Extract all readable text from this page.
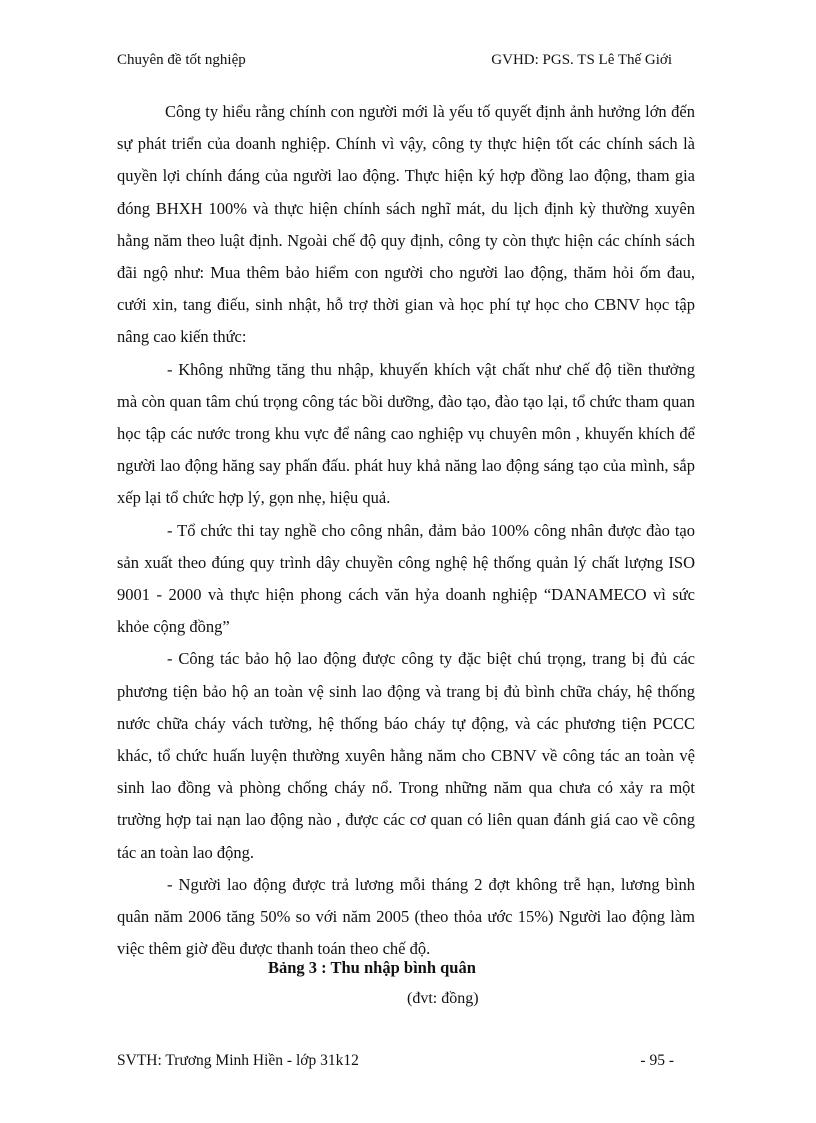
Chuyên đề tốt nghiệp	GVHD: PGS. TS Lê Thế Giới

Công ty hiểu rằng chính con người mới là yếu tố quyết định ảnh hưởng lớn đến sự phát triển của doanh nghiệp. Chính vì vậy, công ty thực hiện tốt các chính sách là quyền lợi chính đáng của người lao động. Thực hiện ký hợp đồng lao động, tham gia đóng BHXH 100% và thực hiện chính sách nghĩ mát, du lịch định kỳ thường xuyên hằng năm theo luật định. Ngoài chế độ quy định, công ty còn thực hiện các chính sách đãi ngộ như: Mua thêm bảo hiểm con người cho người lao động, thăm hỏi ốm đau, cưới xin, tang điếu, sinh nhật, hỗ trợ thời gian và học phí tự học cho CBNV học tập nâng cao kiến thức:

- Không những tăng thu nhập, khuyến khích vật chất như chế độ tiền thưởng mà còn quan tâm chú trọng công tác bồi dưỡng, đào tạo, đào tạo lại, tổ chức tham quan học tập các nước trong khu vực để nâng cao nghiệp vụ chuyên môn , khuyến khích để người lao động hăng say phấn đấu. phát huy khả năng lao động sáng tạo của mình, sắp xếp lại tổ chức hợp lý, gọn nhẹ, hiệu quả.

- Tổ chức thi tay nghề cho công nhân, đảm bảo 100% công nhân được đào tạo sản xuất theo đúng quy trình dây chuyền công nghệ hệ thống quản lý chất lượng ISO 9001 - 2000 và thực hiện phong cách văn hỷa doanh nghiệp “DANAMECO vì sức khỏe cộng đồng”

- Công tác bảo hộ lao động được công ty đặc biệt chú trọng, trang bị đủ các phương tiện bảo hộ an toàn vệ sinh lao động và trang bị đủ bình chữa cháy, hệ thống nước chữa cháy vách tường, hệ thống báo cháy tự động, và các phương tiện PCCC khác, tổ chức huấn luyện thường xuyên hằng năm cho CBNV về công tác an toàn vệ sinh lao đồng và phòng chống cháy nổ. Trong những năm qua chưa có xảy ra một trường hợp tai nạn lao động nào , được các cơ quan có liên quan đánh giá cao về công tác an toàn lao động.

- Người lao động được trả lương mỗi tháng 2 đợt không trễ hạn, lương bình quân năm 2006 tăng 50% so với năm 2005 (theo thỏa ước 15%) Người lao động làm việc thêm giờ đều được thanh toán theo chế độ.

Bảng 3 : Thu nhập bình quân
(đvt: đồng)
SVTH: Trương Minh Hiền - lớp 31k12	- 95 -
